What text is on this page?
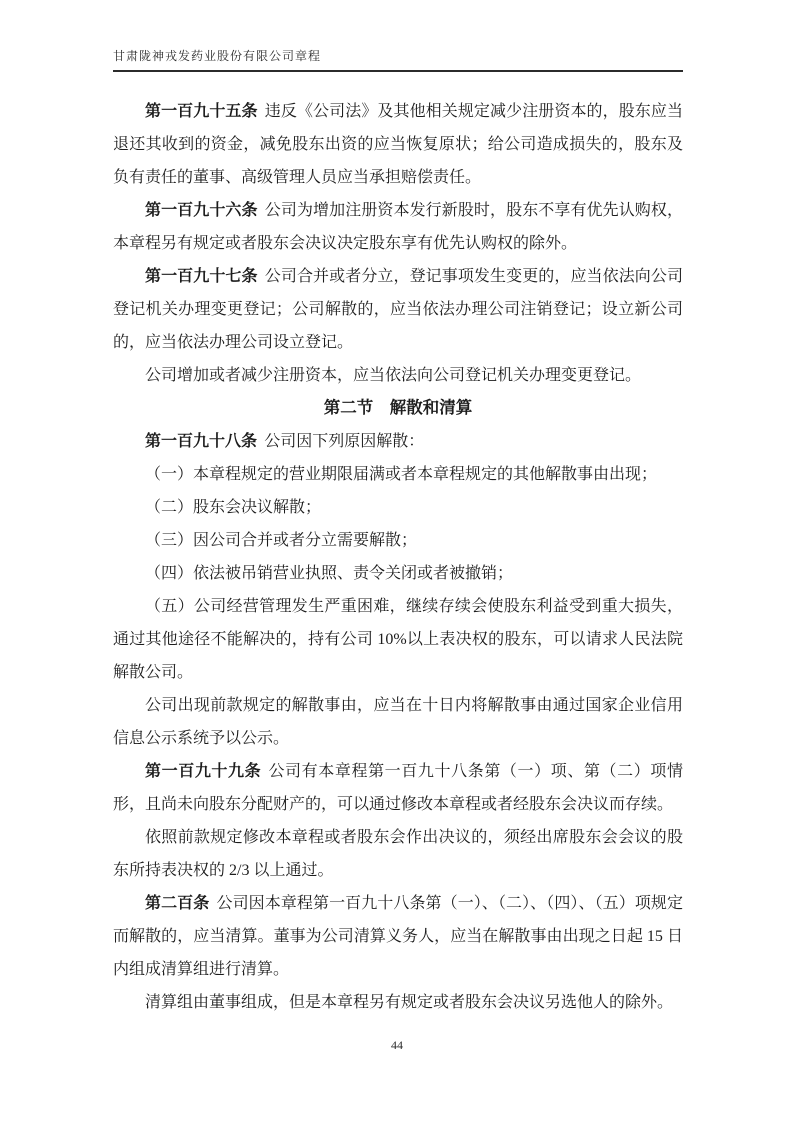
甘肃陇神戎发药业股份有限公司章程

第一百九十五条 违反《公司法》及其他相关规定减少注册资本的，股东应当退还其收到的资金，减免股东出资的应当恢复原状；给公司造成损失的，股东及负有责任的董事、高级管理人员应当承担赔偿责任。

第一百九十六条 公司为增加注册资本发行新股时，股东不享有优先认购权，本章程另有规定或者股东会决议决定股东享有优先认购权的除外。

第一百九十七条 公司合并或者分立，登记事项发生变更的，应当依法向公司登记机关办理变更登记；公司解散的，应当依法办理公司注销登记；设立新公司的，应当依法办理公司设立登记。

公司增加或者减少注册资本，应当依法向公司登记机关办理变更登记。

第二节　解散和清算

第一百九十八条 公司因下列原因解散：

（一）本章程规定的营业期限届满或者本章程规定的其他解散事由出现；

（二）股东会决议解散；

（三）因公司合并或者分立需要解散；

（四）依法被吊销营业执照、责令关闭或者被撤销；

（五）公司经营管理发生严重困难，继续存续会使股东利益受到重大损失，通过其他途径不能解决的，持有公司 10%以上表决权的股东，可以请求人民法院解散公司。

公司出现前款规定的解散事由，应当在十日内将解散事由通过国家企业信用信息公示系统予以公示。

第一百九十九条 公司有本章程第一百九十八条第（一）项、第（二）项情形，且尚未向股东分配财产的，可以通过修改本章程或者经股东会决议而存续。

依照前款规定修改本章程或者股东会作出决议的，须经出席股东会会议的股东所持表决权的 2/3 以上通过。

第二百条 公司因本章程第一百九十八条第（一）、（二）、（四）、（五）项规定而解散的，应当清算。董事为公司清算义务人，应当在解散事由出现之日起 15 日内组成清算组进行清算。

清算组由董事组成，但是本章程另有规定或者股东会决议另选他人的除外。

44
